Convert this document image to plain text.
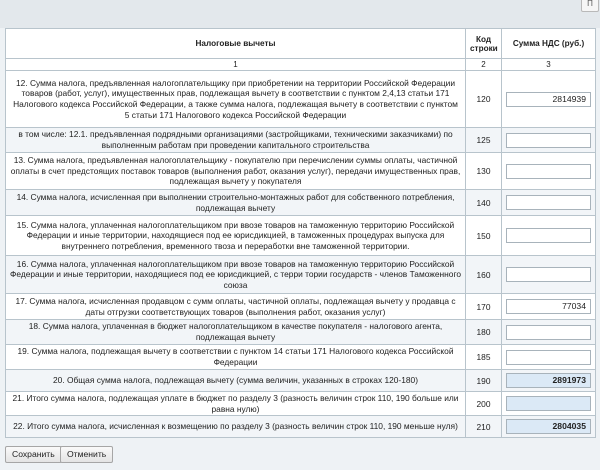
П
Налоговые вычеты	Код строки	Сумма НДС (руб.)
1	2	3
12. Сумма налога, предъявленная налогоплательщику при приобретении на территории Российской Федерации товаров (работ, услуг), имущественных прав, подлежащая вычету в соответствии с пунктом 2,4,13 статьи 171 Налогового кодекса Российской Федерации, а также сумма налога, подлежащая вычету в соответствии с пунктом 5 статьи 171 Налогового кодекса Российской Федерации	120	2814939

в том числе: 12.1. предъявленная подрядными организациями (застройщиками, техническими заказчиками) по выполненным работам при проведении капитального строительства	125	

13. Сумма налога, предъявленная налогоплательщику - покупателю при перечислении суммы оплаты, частичной оплаты в счет предстоящих поставок товаров (выполнения работ, оказания услуг), передачи имущественных прав, подлежащая вычету у покупателя	130	

14. Сумма налога, исчисленная при выполнении строительно-монтажных работ для собственного потребления, подлежащая вычету	140	

15. Сумма налога, уплаченная налогоплательщиком при ввозе товаров на таможенную территорию Российской Федерации и иные территории, находящиеся под ее юрисдикцией, в таможенных процедурах выпуска для внутреннего потребления, временного твоза и переработки вне таможенной территории.	150	

16. Сумма налога, уплаченная налогоплательщиком при ввозе товаров на таможенную территорию Российской Федерации и иные территории, находящиеся под ее юрисдикцией, с терри тории государств - членов Таможенного союза	160	

17. Сумма налога, исчисленная продавцом с сумм оплаты, частичной оплаты, подлежащая вычету у продавца с даты отгрузки соответствующих товаров (выполнения работ, оказания услуг)	170	77034

18. Сумма налога, уплаченная в бюджет налогоплательщиком в качестве покупателя - налогового агента, подлежащая вычету	180	

19. Сумма налога, подлежащая вычету в соответствии с пунктом 14 статьи 171 Налогового кодекса Российской Федерации	185	

20. Общая сумма налога, подлежащая вычету (сумма величин, указанных в строках 120-180)	190	2891973

21. Итого сумма налога, подлежащая уплате в бюджет по разделу 3 (разность величин строк 110, 190 больше или равна нулю)	200	

22. Итого сумма налога, исчисленная к возмещению по разделу 3 (разность величин строк 110, 190 меньше нуля)	210	2804035
Сохранить	Отменить
